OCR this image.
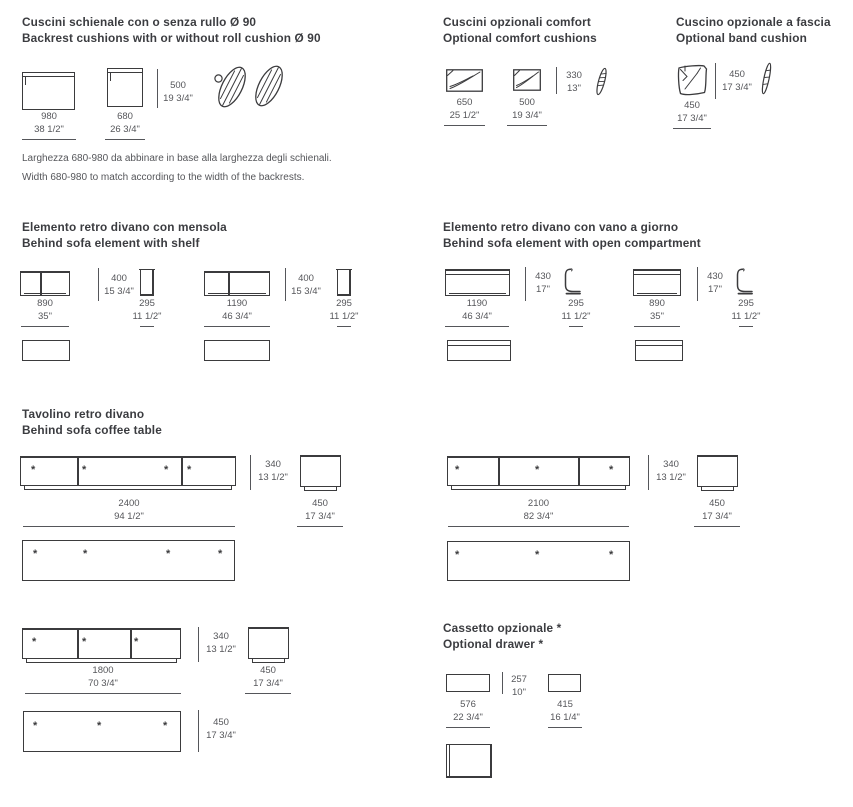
Cuscini schienale con o senza rullo Ø 90
Backrest cushions with or without roll cushion Ø 90
500
19 3/4"
980
38 1/2"
680
26 3/4"
Larghezza 680-980 da abbinare in base alla larghezza degli schienali.
Width 680-980 to match according to the width of the backrests.
Cuscini opzionali comfort
Optional comfort cushions
330
13"
650
25 1/2"
500
19 3/4"
Cuscino opzionale a fascia
Optional band cushion
450
17 3/4"
450
17 3/4"
Elemento retro divano con mensola
Behind sofa element with shelf
400
15 3/4"
400
15 3/4"
890
35"
295
11 1/2"
1190
46 3/4"
295
11 1/2"
Elemento retro divano con vano a giorno
Behind sofa element with open compartment
430
17"
430
17"
1190
46 3/4"
295
11 1/2"
890
35"
295
11 1/2"
Tavolino retro divano
Behind sofa coffee table
*	*	* *	340
13 1/2"
2400
94 1/2"
450
17 3/4"
*	*	*	*
*	*	*	340
13 1/2"
2100
82 3/4"
450
17 3/4"
*	*	*
*	*	*	340
13 1/2"
1800
70 3/4"
450
17 3/4"
*	*	*	450
17 3/4"
Cassetto opzionale *
Optional drawer *
257
10"
576
22 3/4"
415
16 1/4"
